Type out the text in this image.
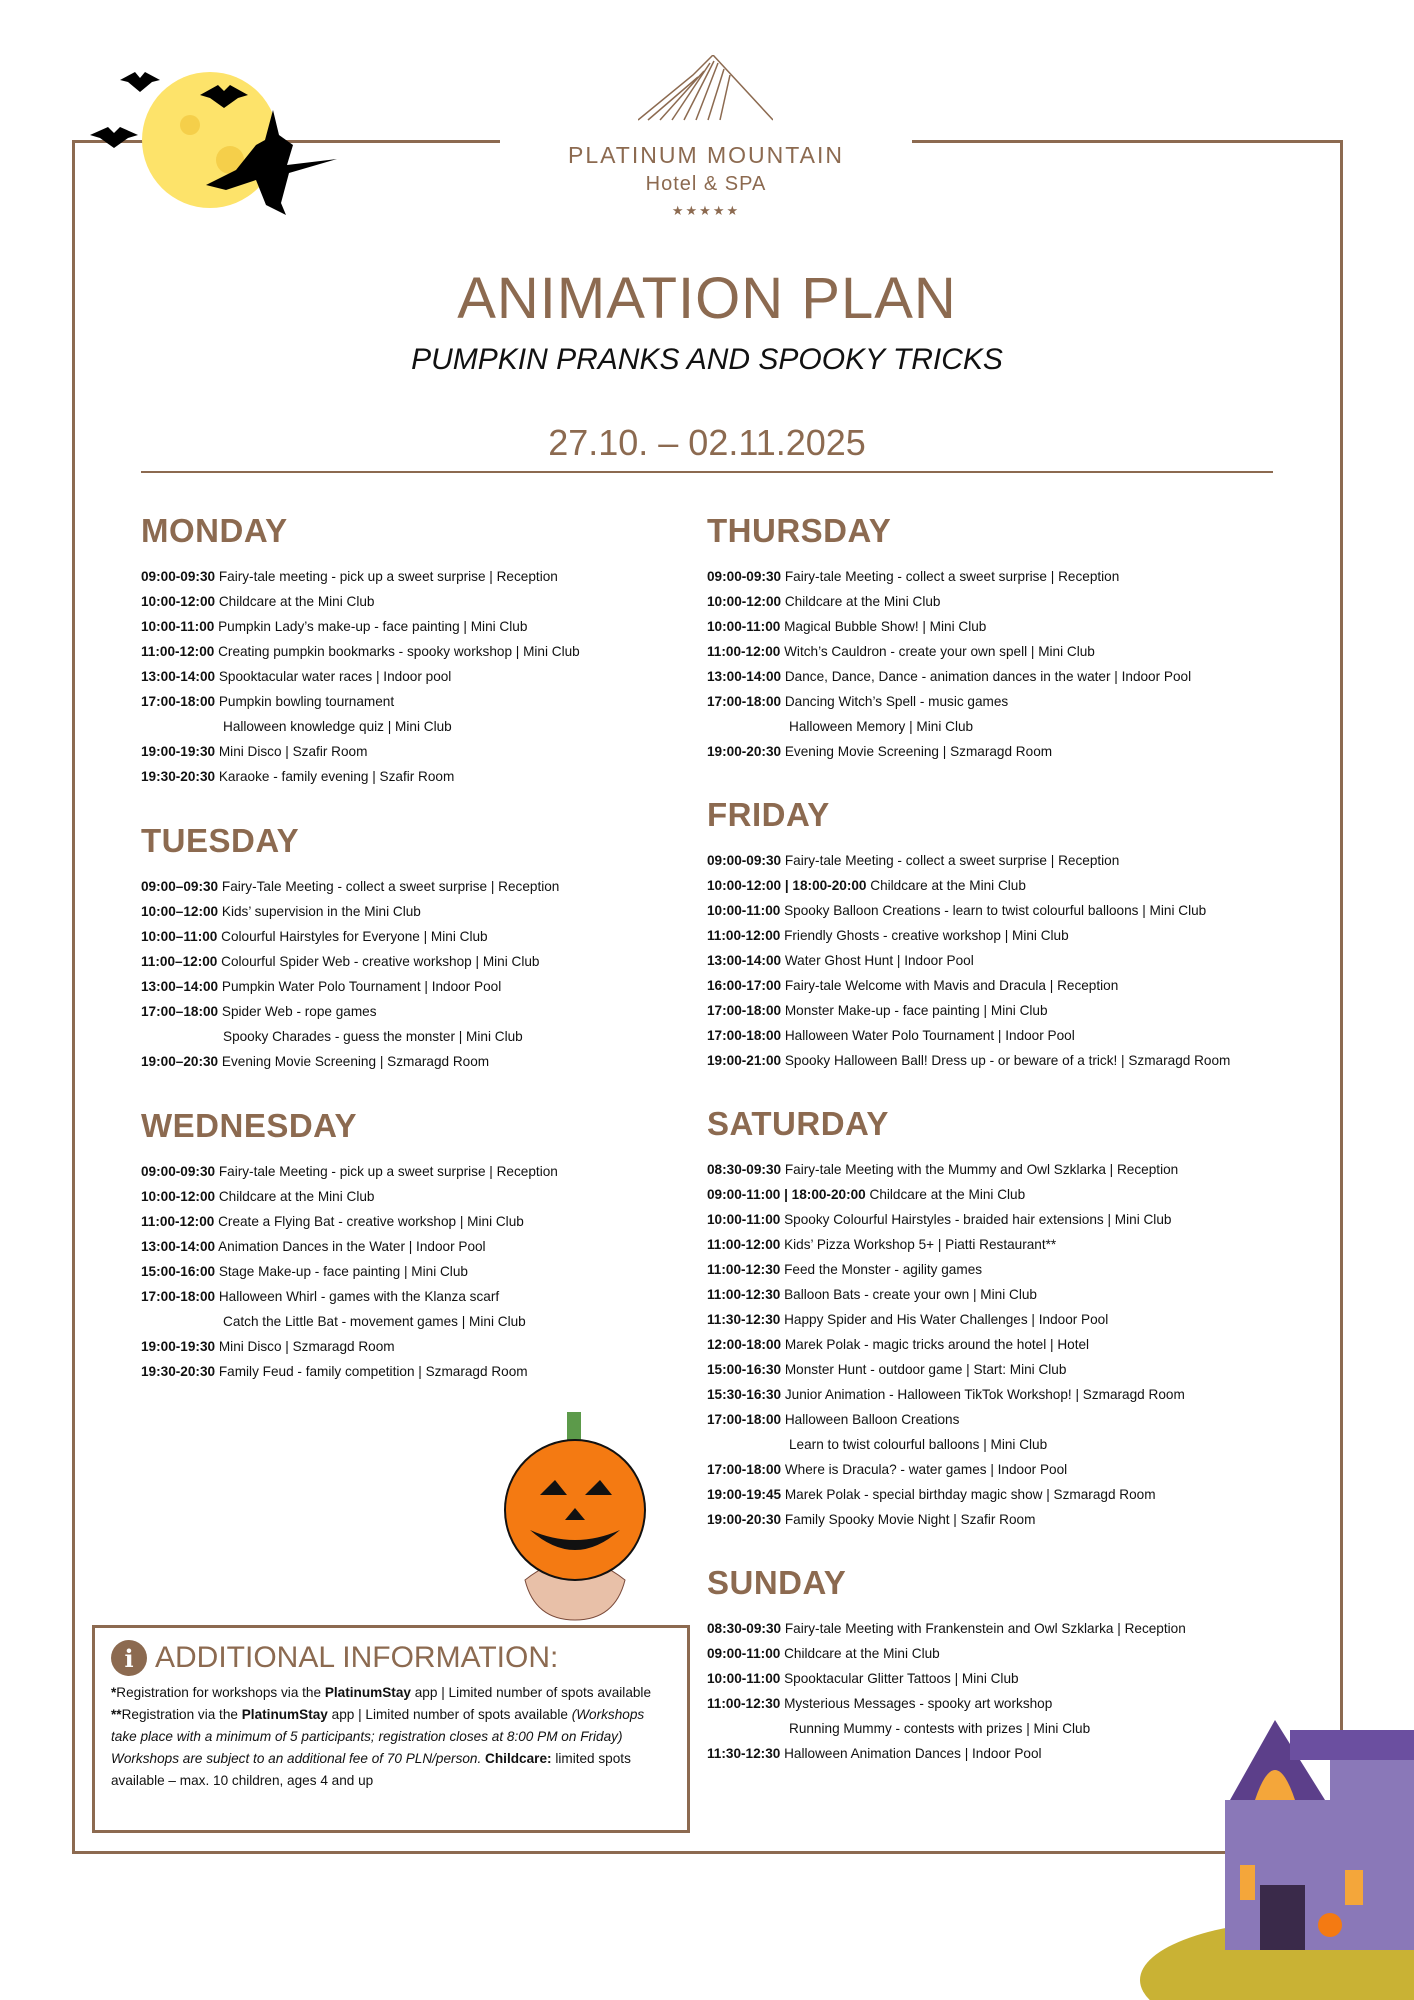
PLATINUM MOUNTAIN
Hotel & SPA
★★★★★
ANIMATION PLAN
PUMPKIN PRANKS AND SPOOKY TRICKS
27.10. – 02.11.2025
MONDAY
09:00-09:30 Fairy-tale meeting - pick up a sweet surprise | Reception
10:00-12:00 Childcare at the Mini Club
10:00-11:00 Pumpkin Lady’s make-up - face painting | Mini Club
11:00-12:00 Creating pumpkin bookmarks - spooky workshop | Mini Club
13:00-14:00 Spooktacular water races | Indoor pool
17:00-18:00 Pumpkin bowling tournament
Halloween knowledge quiz | Mini Club
19:00-19:30 Mini Disco | Szafir Room
19:30-20:30 Karaoke - family evening | Szafir Room
TUESDAY
09:00–09:30 Fairy-Tale Meeting - collect a sweet surprise | Reception
10:00–12:00 Kids’ supervision in the Mini Club
10:00–11:00 Colourful Hairstyles for Everyone | Mini Club
11:00–12:00 Colourful Spider Web - creative workshop | Mini Club
13:00–14:00 Pumpkin Water Polo Tournament | Indoor Pool
17:00–18:00 Spider Web - rope games
Spooky Charades - guess the monster | Mini Club
19:00–20:30 Evening Movie Screening | Szmaragd Room
WEDNESDAY
09:00-09:30 Fairy-tale Meeting - pick up a sweet surprise | Reception
10:00-12:00 Childcare at the Mini Club
11:00-12:00 Create a Flying Bat - creative workshop | Mini Club
13:00-14:00 Animation Dances in the Water | Indoor Pool
15:00-16:00 Stage Make-up - face painting | Mini Club
17:00-18:00 Halloween Whirl - games with the Klanza scarf
Catch the Little Bat - movement games | Mini Club
19:00-19:30 Mini Disco | Szmaragd Room
19:30-20:30 Family Feud - family competition | Szmaragd Room
THURSDAY
09:00-09:30 Fairy-tale Meeting - collect a sweet surprise | Reception
10:00-12:00 Childcare at the Mini Club
10:00-11:00 Magical Bubble Show! | Mini Club
11:00-12:00 Witch’s Cauldron - create your own spell | Mini Club
13:00-14:00 Dance, Dance, Dance - animation dances in the water | Indoor Pool
17:00-18:00 Dancing Witch’s Spell - music games
Halloween Memory | Mini Club
19:00-20:30 Evening Movie Screening | Szmaragd Room
FRIDAY
09:00-09:30 Fairy-tale Meeting - collect a sweet surprise | Reception
10:00-12:00 | 18:00-20:00 Childcare at the Mini Club
10:00-11:00 Spooky Balloon Creations - learn to twist colourful balloons | Mini Club
11:00-12:00 Friendly Ghosts - creative workshop | Mini Club
13:00-14:00 Water Ghost Hunt | Indoor Pool
16:00-17:00 Fairy-tale Welcome with Mavis and Dracula | Reception
17:00-18:00 Monster Make-up - face painting | Mini Club
17:00-18:00 Halloween Water Polo Tournament | Indoor Pool
19:00-21:00 Spooky Halloween Ball! Dress up - or beware of a trick! | Szmaragd Room
SATURDAY
08:30-09:30 Fairy-tale Meeting with the Mummy and Owl Szklarka | Reception
09:00-11:00 | 18:00-20:00 Childcare at the Mini Club
10:00-11:00 Spooky Colourful Hairstyles - braided hair extensions | Mini Club
11:00-12:00 Kids’ Pizza Workshop 5+ | Piatti Restaurant**
11:00-12:30 Feed the Monster - agility games
11:00-12:30 Balloon Bats - create your own | Mini Club
11:30-12:30 Happy Spider and His Water Challenges | Indoor Pool
12:00-18:00 Marek Polak - magic tricks around the hotel | Hotel
15:00-16:30 Monster Hunt - outdoor game | Start: Mini Club
15:30-16:30 Junior Animation - Halloween TikTok Workshop! | Szmaragd Room
17:00-18:00 Halloween Balloon Creations
Learn to twist colourful balloons | Mini Club
17:00-18:00 Where is Dracula? - water games | Indoor Pool
19:00-19:45 Marek Polak - special birthday magic show | Szmaragd Room
19:00-20:30 Family Spooky Movie Night | Szafir Room
SUNDAY
08:30-09:30 Fairy-tale Meeting with Frankenstein and Owl Szklarka | Reception
09:00-11:00 Childcare at the Mini Club
10:00-11:00 Spooktacular Glitter Tattoos | Mini Club
11:00-12:30 Mysterious Messages - spooky art workshop
Running Mummy - contests with prizes | Mini Club
11:30-12:30 Halloween Animation Dances | Indoor Pool
i ADDITIONAL INFORMATION:

*Registration for workshops via the PlatinumStay app | Limited number of spots available

**Registration via the PlatinumStay app | Limited number of spots available (Workshops take place with a minimum of 5 participants; registration closes at 8:00 PM on Friday) Workshops are subject to an additional fee of 70 PLN/person. Childcare: limited spots available – max. 10 children, ages 4 and up
